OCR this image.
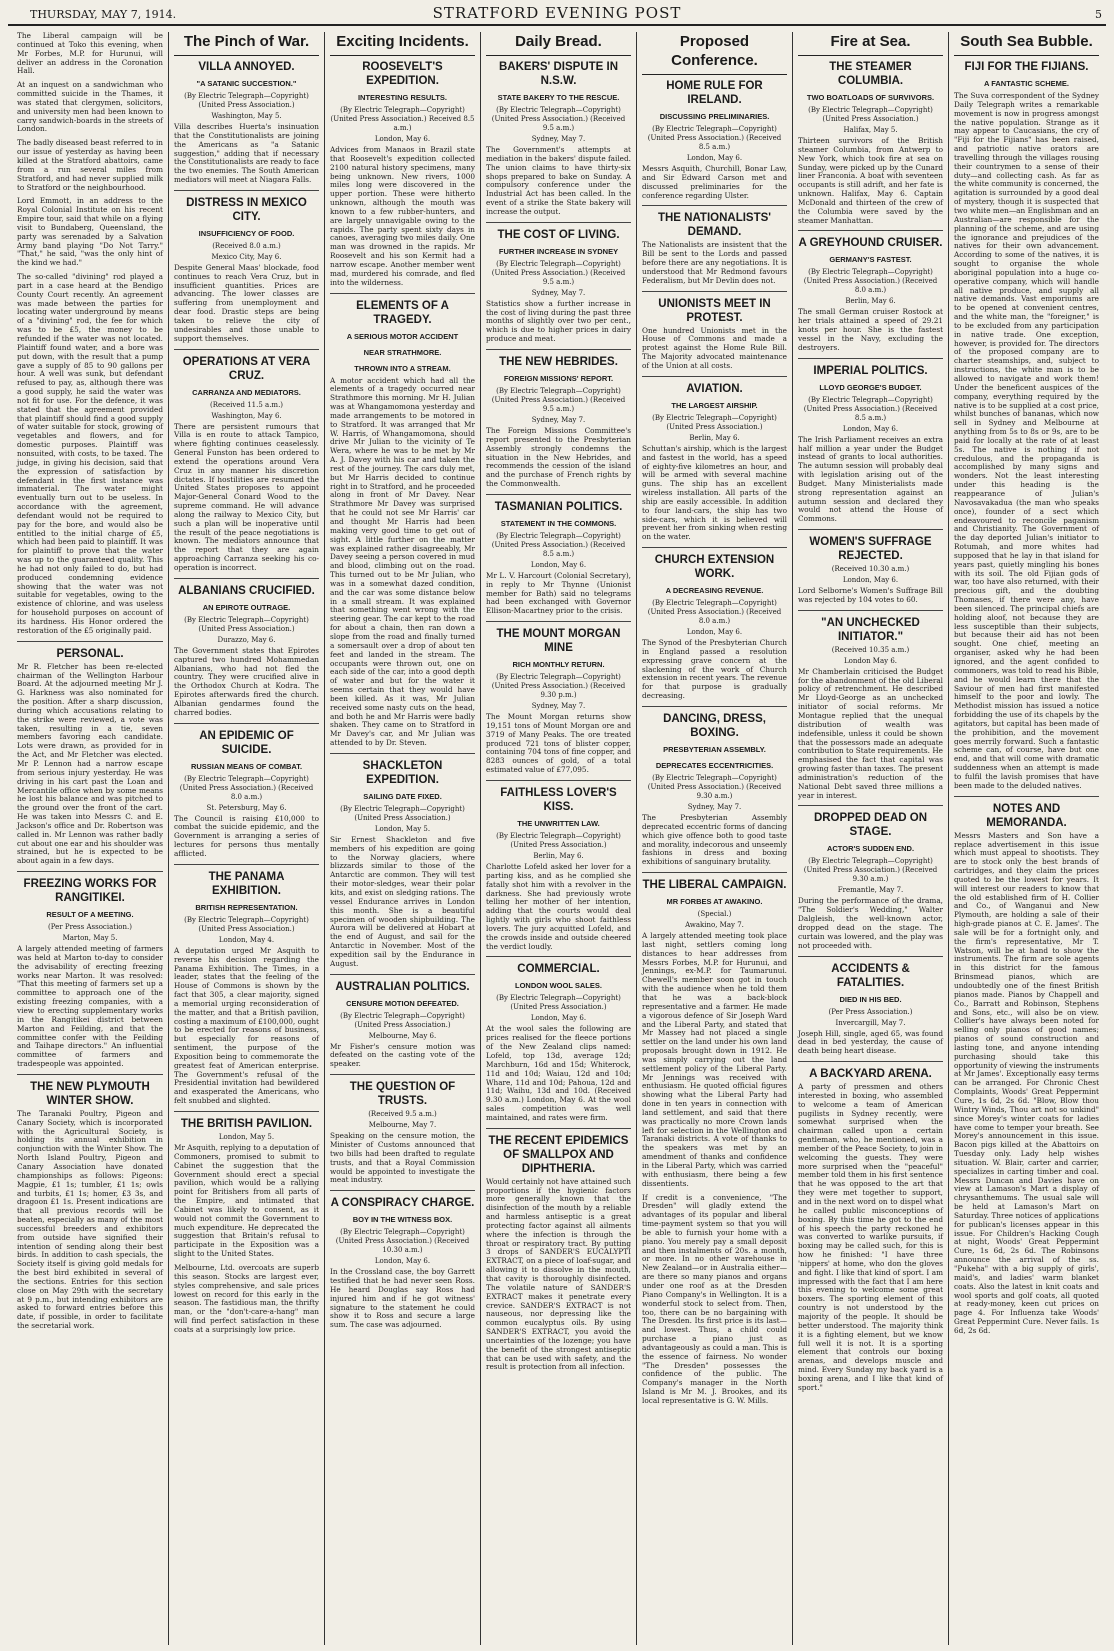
THURSDAY, MAY 7, 1914.	STRATFORD EVENING POST	5

The Liberal campaign will be continued at Toko this evening, when Mr Forbes, M.P. for Hurunui, will deliver an address in the Coronation Hall.

At an inquest on a sandwichman who committed suicide in the Thames, it was stated that clergymen, solicitors, and university men had been known to carry sandwich-boards in the streets of London.

The badly diseased beast referred to in our issue of yesterday as having been killed at the Stratford abattoirs, came from a run several miles from Stratford, and had never supplied milk to Stratford or the neighbourhood.

Lord Emmott, in an address to the Royal Colonial Institute on his recent Empire tour, said that while on a flying visit to Bundaberg, Queensland, the party was serenaded by a Salvation Army band playing "Do Not Tarry." "That," he said, "was the only hint of the kind we had."

The so-called "divining" rod played a part in a case heard at the Bendigo County Court recently. An agreement was made between the parties for locating water underground by means of a "divining" rod, the fee for which was to be £5, the money to be refunded if the water was not located. Plaintiff found water, and a bore was put down, with the result that a pump gave a supply of 85 to 90 gallons per hour. A well was sunk, but defendant refused to pay, as, although there was a good supply, he said the water was not fit for use. For the defence, it was stated that the agreement provided that plaintiff should find a good supply of water suitable for stock, growing of vegetables and flowers, and for domestic purposes. Plaintiff was nonsuited, with costs, to be taxed. The judge, in giving his decision, said that the expression of satisfaction by defendant in the first instance was immaterial. The water might eventually turn out to be useless. In accordance with the agreement, defendant would not be required to pay for the bore, and would also be entitled to the initial charge of £5, which had been paid to plaintiff. It was for plaintiff to prove that the water was up to the guaranteed quality. This he had not only failed to do, but had produced condemning evidence showing that the water was not suitable for vegetables, owing to the existence of chlorine, and was useless for household purposes on account of its hardness. His Honor ordered the restoration of the £5 originally paid.

PERSONAL.

Mr R. Fletcher has been re-elected chairman of the Wellington Harbour Board. At the adjourned meeting Mr J. G. Harkness was also nominated for the position. After a sharp discussion, during which accusations relating to the strike were reviewed, a vote was taken, resulting in a tie, seven members favoring each candidate. Lots were drawn, as provided for in the Act, and Mr Fletcher was elected. Mr P. Lennon had a narrow escape from serious injury yesterday. He was driving in his cart past the Loan and Mercantile office when by some means he lost his balance and was pitched to the ground over the front of the cart. He was taken into Messrs C. and E. Jackson's office and Dr. Robertson was called in. Mr Lennon was rather badly cut about one ear and his shoulder was strained, but he is expected to be about again in a few days.

FREEZING WORKS FOR RANGITIKEI.
RESULT OF A MEETING.
(Per Press Association.)
Marton, May 5.

A largely attended meeting of farmers was held at Marton to-day to consider the advisability of erecting freezing works near Marton. It was resolved: "That this meeting of farmers set up a committee to approach one of the existing freezing companies, with a view to erecting supplementary works in the Rangitikei district between Marton and Feilding, and that the committee confer with the Feilding and Taihape directors." An influential committee of farmers and tradespeople was appointed.

THE NEW PLYMOUTH WINTER SHOW.

The Taranaki Poultry, Pigeon and Canary Society, which is incorporated with the Agricultural Society, is holding its annual exhibition in conjunction with the Winter Show. The North Island Poultry, Pigeon and Canary Association have donated championships as follows: Pigeons: Magpie, £1 1s; tumbler, £1 1s; owls and turbits, £1 1s; homer, £3 3s, and dragoon £1 1s. Present indications are that all previous records will be beaten, especially as many of the most successful breeders and exhibitors from outside have signified their intention of sending along their best birds. In addition to cash specials, the Society itself is giving gold medals for the best bird exhibited in several of the sections. Entries for this section close on May 29th with the secretary at 9 p.m., but intending exhibitors are asked to forward entries before this date, if possible, in order to facilitate the secretarial work.

The Pinch of War.
VILLA ANNOYED.
"A SATANIC SUCCESTION."
(By Electric Telegraph—Copyright) (United Press Association.)
Washington, May 5.

Villa describes Huerta's insinuation that the Constitutionalists are joining the Americans as "a Satanic suggestion," adding that if necessary the Constitutionalists are ready to face the two enemies. The South American mediators will meet at Niagara Falls.

DISTRESS IN MEXICO CITY.
INSUFFICIENCY OF FOOD.
(Received 8.0 a.m.)
Mexico City, May 6.

Despite General Maas' blockade, food continues to reach Vera Cruz, but in insufficient quantities. Prices are advancing. The lower classes are suffering from unemployment and dear food. Drastic steps are being taken to relieve the city of undesirables and those unable to support themselves.

OPERATIONS AT VERA CRUZ.
CARRANZA AND MEDIATORS.
(Received 11.5 a.m.)
Washington, May 6.

There are persistent rumours that Villa is en route to attack Tampico, where fighting continues ceaselessly. General Funston has been ordered to extend the operations around Vera Cruz in any manner his discretion dictates. If hostilities are resumed the United States proposes to appoint Major-General Conard Wood to the supreme command. He will advance along the railway to Mexico City, but such a plan will be inoperative until the result of the peace negotiations is known. The mediators announce that the report that they are again approaching Carranza seeking his co-operation is incorrect.

ALBANIANS CRUCIFIED.
AN EPIROTE OUTRAGE.
(By Electric Telegraph—Copyright) (United Press Association.)
Durazzo, May 6.

The Government states that Epirotes captured two hundred Mohammedan Albanians, who had not fled the country. They were crucified alive in the Orthodox Church at Kodra. The Epirotes afterwards fired the church. Albanian gendarmes found the charred bodies.

AN EPIDEMIC OF SUICIDE.
RUSSIAN MEANS OF COMBAT.
(By Electric Telegraph—Copyright) (United Press Association.) (Received 8.0 a.m.)
St. Petersburg, May 6.

The Council is raising £10,000 to combat the suicide epidemic, and the Government is arranging a series of lectures for persons thus mentally afflicted.

THE PANAMA EXHIBITION.
BRITISH REPRESENTATION.
(By Electric Telegraph—Copyright) (United Press Association.)
London, May 4.

A deputation urged Mr Asquith to reverse his decision regarding the Panama Exhibition. The Times, in a leader, states that the feeling of the House of Commons is shown by the fact that 305, a clear majority, signed a memorial urging reconsideration of the matter, and that a British pavilion, costing a maximum of £100,000, ought to be erected for reasons of business, but especially for reasons of sentiment, the purpose of the Exposition being to commemorate the greatest feat of American enterprise. The Government's refusal of the Presidential invitation had bewildered and exasperated the Americans, who felt snubbed and slighted.

THE BRITISH PAVILION.
London, May 5.

Mr Asquith, replying to a deputation of Commoners, promised to submit to Cabinet the suggestion that the Government should erect a special pavilion, which would be a rallying point for Britishers from all parts of the Empire, and intimated that Cabinet was likely to consent, as it would not commit the Government to much expenditure. He deprecated the suggestion that Britain's refusal to participate in the Exposition was a slight to the United States.

Melbourne, Ltd. overcoats are superb this season. Stocks are largest ever, styles comprehensive, and sale prices lowest on record for this early in the season. The fastidious man, the thrifty man, or the "don't-care-a-hang" man will find perfect satisfaction in these coats at a surprisingly low price.

Exciting Incidents.
ROOSEVELT'S EXPEDITION.
INTERESTING RESULTS.
(By Electric Telegraph—Copyright) (United Press Association.) Received 8.5 a.m.)
London, May 6.

Advices from Manaos in Brazil state that Roosevelt's expedition collected 2100 natural history specimens, many being unknown. New rivers, 1000 miles long were discovered in the upper portion. These were hitherto unknown, although the mouth was known to a few rubber-hunters, and are largely unnavigable owing to the rapids. The party spent sixty days in canoes, averaging two miles daily. One man was drowned in the rapids. Mr Roosevelt and his son Kermit had a narrow escape. Another member went mad, murdered his comrade, and fled into the wilderness.

ELEMENTS OF A TRAGEDY.
A SERIOUS MOTOR ACCIDENT
NEAR STRATHMORE.
THROWN INTO A STREAM.

A motor accident which had all the elements of a tragedy occurred near Strathmore this morning. Mr H. Julian was at Whangamomona yesterday and made arrangements to be motored in to Stratford. It was arranged that Mr W. Harris, of Whangamomona, should drive Mr Julian to the vicinity of Te Wera, where he was to be met by Mr A. J. Davey with his car and taken the rest of the journey. The cars duly met, but Mr Harris decided to continue right in to Stratford, and he proceeded along in front of Mr Davey. Near Strathmore Mr Davey was surprised that he could not see Mr Harris' car and thought Mr Harris had been making very good time to get out of sight. A little further on the matter was explained rather disagreeably, Mr Davey seeing a person covered in mud and blood, climbing out on the road. This turned out to be Mr Julian, who was in a somewhat dazed condition, and the car was some distance below in a small stream. It was explained that something went wrong with the steering gear. The car kept to the road for about a chain, then ran down a slope from the road and finally turned a somersault over a drop of about ten feet and landed in the stream. The occupants were thrown out, one on each side of the car, into a good depth of water and but for the water it seems certain that they would have been killed. As it was, Mr Julian received some nasty cuts on the head, and both he and Mr Harris were badly shaken. They came on to Stratford in Mr Davey's car, and Mr Julian was attended to by Dr. Steven.

SHACKLETON EXPEDITION.
SAILING DATE FIXED.
(By Electric Telegraph—Copyright) (United Press Association.)
London, May 5.

Sir Ernest Shackleton and five members of his expedition are going to the Norway glaciers, where blizzards similar to those of the Antarctic are common. They will test their motor-sledges, wear their polar kits, and exist on sledging rations. The vessel Endurance arrives in London this month. She is a beautiful specimen of wooden shipbuilding. The Aurora will be delivered at Hobart at the end of August, and sail for the Antarctic in November. Most of the expedition sail by the Endurance in August.

AUSTRALIAN POLITICS.
CENSURE MOTION DEFEATED.
(By Electric Telegraph—Copyright) (United Press Association.)
Melbourne, May 6.

Mr Fisher's censure motion was defeated on the casting vote of the speaker.

THE QUESTION OF TRUSTS.
(Received 9.5 a.m.)
Melbourne, May 7.

Speaking on the censure motion, the Minister of Customs announced that two bills had been drafted to regulate trusts, and that a Royal Commission would be appointed to investigate the meat industry.

A CONSPIRACY CHARGE.
BOY IN THE WITNESS BOX.
(By Electric Telegraph—Copyright) (United Press Association.) (Received 10.30 a.m.)
London, May 6.

In the Crossland case, the boy Garrett testified that he had never seen Ross. He heard Douglas say Ross had injured him and if he got witness' signature to the statement he could show it to Ross and secure a large sum. The case was adjourned.

Daily Bread.
BAKERS' DISPUTE IN N.S.W.
STATE BAKERY TO THE RESCUE.
(By Electric Telegraph—Copyright) (United Press Association.) (Received 9.5 a.m.)
Sydney, May 7.

The Government's attempts at mediation in the bakers' dispute failed. The union claims to have thirty-six shops prepared to bake on Sunday. A compulsory conference under the Industrial Act has been called. In the event of a strike the State bakery will increase the output.

THE COST OF LIVING.
FURTHER INCREASE IN SYDNEY
(By Electric Telegraph—Copyright) (United Press Association.) (Received 9.5 a.m.)
Sydney, May 7.

Statistics show a further increase in the cost of living during the past three months of slightly over two per cent., which is due to higher prices in dairy produce and meat.

THE NEW HEBRIDES.
FOREIGN MISSIONS' REPORT.
(By Electric Telegraph—Copyright) (United Press Association.) (Received 9.5 a.m.)
Sydney, May 7.

The Foreign Missions Committee's report presented to the Presbyterian Assembly strongly condemns the situation in the New Hebrides, and recommends the cession of the island and the purchase of French rights by the Commonwealth.

TASMANIAN POLITICS.
STATEMENT IN THE COMMONS.
(By Electric Telegraph—Copyright) (United Press Association.) (Received 8.5 a.m.)
London, May 6.

Mr L. V. Harcourt (Colonial Secretary), in reply to Mr Thynne (Unionist member for Bath) said no telegrams had been exchanged with Governor Ellison-Macartney prior to the crisis.

THE MOUNT MORGAN MINE
RICH MONTHLY RETURN.
(By Electric Telegraph—Copyright) (United Press Association.) (Received 9.30 p.m.)
Sydney, May 7.

The Mount Morgan returns show 19,151 tons of Mount Morgan ore and 3719 of Many Peaks. The ore treated produced 721 tons of blister copper, containing 704 tons of fine copper, and 8283 ounces of gold, of a total estimated value of £77,095.

FAITHLESS LOVER'S KISS.
THE UNWRITTEN LAW.
(By Electric Telegraph—Copyright) (United Press Association.)
Berlin, May 6.

Charlotte Lofeld asked her lover for a parting kiss, and as he complied she fatally shot him with a revolver in the darkness. She had previously wrote telling her mother of her intention, adding that the courts would deal lightly with girls who shoot faithless lovers. The jury acquitted Lofeld, and the crowds inside and outside cheered the verdict loudly.

COMMERCIAL.
LONDON WOOL SALES.
(By Electric Telegraph—Copyright) (United Press Association.)
London, May 6.

At the wool sales the following are prices realised for the fleece portions of the New Zealand clips named: Lofeld, top 13d, average 12d; Marchburn, 16d and 15d; Whiterock, 11d and 10d; Waiau, 12d and 10d; Whare, 11d and 10d; Pahoua, 12d and 11d; Waihu, 13d and 10d. (Received 9.30 a.m.) London, May 6. At the wool sales competition was well maintained, and rates were firm.

THE RECENT EPIDEMICS OF SMALLPOX AND DIPHTHERIA.

Would certainly not have attained such proportions if the hygienic factors more generally known that the disinfection of the mouth by a reliable and harmless antiseptic is a great protecting factor against all ailments where the infection is through the throat or respiratory tract. By putting 3 drops of SANDER'S EUCALYPTI EXTRACT, on a piece of loaf-sugar, and allowing it to dissolve in the mouth, that cavity is thoroughly disinfected. The volatile nature of SANDER'S EXTRACT makes it penetrate every crevice. SANDER'S EXTRACT is not nauseous, nor depressing like the common eucalyptus oils. By using SANDER'S EXTRACT, you avoid the uncertainties of the lozenge; you have the benefit of the strongest antiseptic that can be used with safety, and the result is protection from all infection.

Proposed Conference.
HOME RULE FOR IRELAND.
DISCUSSING PRELIMINARIES.
(By Electric Telegraph—Copyright) (United Press Association.) (Received 8.5 a.m.)
London, May 6.

Messrs Asquith, Churchill, Bonar Law, and Sir Edward Carson met and discussed preliminaries for the conference regarding Ulster.

THE NATIONALISTS' DEMAND.

The Nationalists are insistent that the Bill be sent to the Lords and passed before there are any negotiations. It is understood that Mr Redmond favours Federalism, but Mr Devlin does not.

UNIONISTS MEET IN PROTEST.

One hundred Unionists met in the House of Commons and made a protest against the Home Rule Bill. The Majority advocated maintenance of the Union at all costs.

AVIATION.
THE LARGEST AIRSHIP.
(By Electric Telegraph—Copyright) (United Press Association.)
Berlin, May 6.

Schuttan's airship, which is the largest and fastest in the world, has a speed of eighty-five kilometres an hour, and will be armed with several machine guns. The ship has an excellent wireless installation. All parts of the ship are easily accessible. In addition to four land-cars, the ship has two side-cars, which it is believed will prevent her from sinking when resting on the water.

CHURCH EXTENSION WORK.
A DECREASING REVENUE.
(By Electric Telegraph—Copyright) (United Press Association.) (Received 8.0 a.m.)
London, May 6.

The Synod of the Presbyterian Church in England passed a resolution expressing grave concern at the slackening of the work of Church extension in recent years. The revenue for that purpose is gradually decreasing.

DANCING, DRESS, BOXING.
PRESBYTERIAN ASSEMBLY.
DEPRECATES ECCENTRICITIES.
(By Electric Telegraph—Copyright) (United Press Association.) (Received 9.30 a.m.)
Sydney, May 7.

The Presbyterian Assembly deprecated eccentric forms of dancing which give offence both to good taste and morality, indecorous and unseemly fashions in dress and boxing exhibitions of sanguinary brutality.

THE LIBERAL CAMPAIGN.
MR FORBES AT AWAKINO.
(Special.)
Awakino, May 7.

A largely attended meeting took place last night, settlers coming long distances to hear addresses from Messrs Forbes, M.P. for Hurunui, and Jennings, ex-M.P. for Taumarunui. Chewell's member soon got in touch with the audience when he told them that he was a back-block representative and a farmer. He made a vigorous defence of Sir Joseph Ward and the Liberal Party, and stated that Mr Massey had not placed a single settler on the land under his own land proposals brought down in 1912. He was simply carrying out the land settlement policy of the Liberal Party. Mr Jennings was received with enthusiasm. He quoted official figures showing what the Liberal Party had done in ten years in connection with land settlement, and said that there was practically no more Crown lands left for selection in the Wellington and Taranaki districts. A vote of thanks to the speakers was met by an amendment of thanks and confidence in the Liberal Party, which was carried with enthusiasm, there being a few dissentients.

If credit is a convenience, "The Dresden" will gladly extend the advantages of its popular and liberal time-payment system so that you will be able to furnish your home with a piano. You merely pay a small deposit and then instalments of 20s. a month, or more. In no other warehouse in New Zealand—or in Australia either—are there so many pianos and organs under one roof as at the Dresden Piano Company's in Wellington. It is a wonderful stock to select from. Then, too, there can be no bargaining with The Dresden. Its first price is its last—and lowest. Thus, a child could purchase a piano just as advantageously as could a man. This is the essence of fairness. No wonder "The Dresden" possesses the confidence of the public. The Company's manager in the North Island is Mr M. J. Brookes, and its local representative is G. W. Mills.

Fire at Sea.
THE STEAMER COLUMBIA.
TWO BOATLOADS OF SURVIVORS.
(By Electric Telegraph—Copyright) (United Press Association.)
Halifax, May 5.

Thirteen survivors of the British steamer Columbia, from Antwerp to New York, which took fire at sea on Sunday, were picked up by the Cunard liner Franconia. A boat with seventeen occupants is still adrift, and her fate is unknown. Halifax, May 6. Captain McDonald and thirteen of the crew of the Columbia were saved by the steamer Manhattan.

A GREYHOUND CRUISER.
GERMANY'S FASTEST.
(By Electric Telegraph—Copyright) (United Press Association.) (Received 8.0 a.m.)
Berlin, May 6.

The small German cruiser Rostock at her trials attained a speed of 29.21 knots per hour. She is the fastest vessel in the Navy, excluding the destroyers.

IMPERIAL POLITICS.
LLOYD GEORGE'S BUDGET.
(By Electric Telegraph—Copyright) (United Press Association.) (Received 8.5 a.m.)
London, May 6.

The Irish Parliament receives an extra half million a year under the Budget instead of grants to local authorities. The autumn session will probably deal with legislation arising out of the Budget. Many Ministerialists made strong representation against an autumn session and declared they would not attend the House of Commons.

WOMEN'S SUFFRAGE REJECTED.
(Received 10.30 a.m.)
London, May 6.

Lord Selborne's Women's Suffrage Bill was rejected by 104 votes to 60.

"AN UNCHECKED INITIATOR."
(Received 10.35 a.m.)
London May 6.

Mr Chamberlain criticised the Budget for the abandonment of the old Liberal policy of retrenchment. He described Mr Lloyd-George as an unchecked initiator of social reforms. Mr Montague replied that the unequal distribution of wealth was indefensible, unless it could be shown that the possessors made an adequate contribution to State requirements. He emphasised the fact that capital was growing faster than taxes. The present administration's reduction of the National Debt saved three millions a year in interest.

DROPPED DEAD ON STAGE.
ACTOR'S SUDDEN END.
(By Electric Telegraph—Copyright) (United Press Association.) (Received 9.30 a.m.)
Fremantle, May 7.

During the performance of the drama, "The Soldier's Wedding," Walter Dalgleish, the well-known actor, dropped dead on the stage. The curtain was lowered, and the play was not proceeded with.

ACCIDENTS & FATALITIES.
DIED IN HIS BED.
(Per Press Association.)
Invercargill, May 7.

Joseph Hill, single, aged 65, was found dead in bed yesterday, the cause of death being heart disease.

A BACKYARD ARENA.

A party of pressmen and others interested in boxing, who assembled to welcome a team of American pugilists in Sydney recently, were somewhat surprised when the chairman called upon a certain gentleman, who, he mentioned, was a member of the Peace Society, to join in welcoming the guests. They were more surprised when the "peaceful" member told them in his first sentence that he was opposed to the art that they were met together to support, and in the next word on to dispel what he called public misconceptions of boxing. By this time he got to the end of his speech the party reckoned he was converted to warlike pursuits, if boxing may be called such, for this is how he finished: "I have three 'nippers' at home, who don the gloves and fight. I like that kind of sport. I am impressed with the fact that I am here this evening to welcome some great boxers. The sporting element of this country is not understood by the majority of the people. It should be better understood. The majority think it is a fighting element, but we know full well it is not. It is a sporting element that controls our boxing arenas, and develops muscle and mind. Every Sunday my back yard is a boxing arena, and I like that kind of sport."

South Sea Bubble.
FIJI FOR THE FIJIANS.
A FANTASTIC SCHEME.

The Suva correspondent of the Sydney Daily Telegraph writes a remarkable movement is now in progress amongst the native population. Strange as it may appear to Caucasians, the cry of "Fiji for the Fijians" has been raised, and patriotic native orators are travelling through the villages rousing their countrymen to a sense of their duty—and collecting cash. As far as the white community is concerned, the agitation is surrounded by a good deal of mystery, though it is suspected that two white men—an Englishman and an Australian—are responsible for the planning of the scheme, and are using the ignorance and prejudices of the natives for their own advancement. According to some of the natives, it is sought to organise the whole aboriginal population into a huge co-operative company, which will handle all native produce, and supply all native demands. Vast emporiums are to be opened at convenient centres, and the white man, the "foreigner," is to be excluded from any participation in native trade. One exception, however, is provided for. The directors of the proposed company are to charter steamships, and, subject to instructions, the white man is to be allowed to navigate and work them! Under the beneficent auspices of the company, everything required by the native is to be supplied at a cost price, whilst bunches of bananas, which now sell in Sydney and Melbourne at anything from 5s to 8s or 9s, are to be paid for locally at the rate of at least 5s. The native is nothing if not credulous, and the propaganda is accomplished by many signs and wonders. Not the least interesting under this heading is the reappearance of Julian's Navosavakadua (the man who speaks once), founder of a sect which endeavoured to reconcile paganism and Christianity. The Government of the day deported Julian's initiator to Rotumah, and more whites had supposed that he lay in that island for years past, quietly mingling his bones with its soil. The old Fijian gods of war, too have also returned, with their precious gift, and the doubting Thomases, if there were any, have been silenced. The principal chiefs are holding aloof, not because they are less susceptible than their subjects, but because their aid has not been sought. One chief, meeting an organiser, asked why he had been ignored, and the agent confided to commoners, was told to read his Bible, and he would learn there that the Saviour of men had first manifested himself to the poor and lowly. The Methodist mission has issued a notice forbidding the use of its chapels by the agitators, but capital has been made of the prohibition, and the movement goes merrily forward. Such a fantastic scheme can, of course, have but one end, and that will come with dramatic suddenness when an attempt is made to fulfil the lavish promises that have been made to the deluded natives.

NOTES AND MEMORANDA.

Messrs Masters and Son have a replace advertisement in this issue which must appeal to shootists. They are to stock only the best brands of cartridges, and they claim the prices quoted to be the lowest for years. It will interest our readers to know that the old established firm of H. Collier and Co., of Wanganui and New Plymouth, are holding a sale of their high-grade pianos at C. E. James'. The sale will be for a fortnight only, and the firm's representative, Mr T. Watson, will be at hand to show the instruments. The firm are sole agents in this district for the famous Brinsmead pianos, which are undoubtedly one of the finest British pianos made. Pianos by Chappell and Co., Barratt and Robinson, Stephens and Sons, etc., will also be on view. Collier's have always been noted for selling only pianos of good names; pianos of sound construction and lasting tone, and anyone intending purchasing should take this opportunity of viewing the instruments at Mr James'. Exceptionally easy terms can be arranged. For Chronic Chest Complaints, Woods' Great Peppermint Cure, 1s 6d, 2s 6d. "Blow, Blow thou Wintry Winds, Thou art not so unkind" since Morey's winter coats for ladies have come to temper your breath. See Morey's announcement in this issue. Bacon pigs killed at the Abattoirs on Tuesday only. Lady help wishes situation. W. Blair, carter and carrier, specializes in carting timber and coal. Messrs Duncan and Davies have on view at Lamason's Mart a display of chrysanthemums. The usual sale will be held at Lamason's Mart on Saturday. Three notices of applications for publican's licenses appear in this issue. For Children's Hacking Cough at night, Woods' Great Peppermint Cure, 1s 6d, 2s 6d. The Robinsons announce the arrival of the ss. "Pukeha" with a big supply of girls', maid's, and ladies' warm blanket coats. Also the latest in knit coats and wool sports and golf coats, all quoted at ready-money, keen cut prices on page 4. For Influenza take Woods' Great Peppermint Cure. Never fails. 1s 6d, 2s 6d.
